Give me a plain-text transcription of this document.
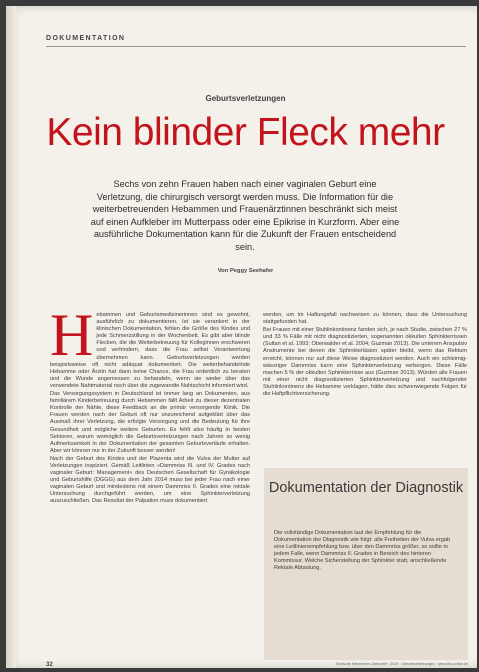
DOKUMENTATION
Geburtsverletzungen
Kein blinder Fleck mehr
Sechs von zehn Frauen haben nach einer vaginalen Geburt eine Verletzung, die chirurgisch versorgt werden muss. Die Information für die weiterbetreuenden Hebammen und Frauenärztinnen beschränkt sich meist auf einen Aufkleber im Mutterpass oder eine Epikrise in Kurzform. Aber eine ausführliche Dokumentation kann für die Zukunft der Frauen entscheidend sein.
Von Peggy Seehafer

Hebammen und Geburtsmedizinerinnen sind es gewohnt, ausführlich zu dokumentieren. Ist sie verankert in der klinischen Dokumentation, fehlen die Größe des Kindes und jede Schmerzstillung in der Wochenbett. Es gibt aber blinde Flecken, die die Weiterbetreuung für Kolleginnen erschweren und verhindern, dass die Frau selbst Verantwortung übernehmen kann. Geburtsverletzungen werden beispielsweise oft nicht adäquat dokumentiert. Die weiterbehandelnde Hebamme oder Ärztin hat dann keine Chance, die Frau ordentlich zu beraten und die Wunde angemessen zu behandeln, wenn sie weder über das verwendete Nahtmaterial noch über die zugewandte Nahtschicht informiert wird.

Das Versorgungssystem in Deutschland ist immer lang an Dokumenten, aus familiärem Kinderbetreuung durch Hebammen fällt Arbeit zu dieser dezentralen Kontrolle der Nähte, diese Feedback an die primär versorgende Klinik. Die Frauen werden nach der Geburt oft nur unzureichend aufgeklärt über das Ausmaß ihrer Verletzung, die erfolgte Versorgung und die Bedeutung für ihre Gesundheit und mögliche weitere Geburten. Es fehlt also häufig in beiden Sektoren, warum womöglich die Geburtsverletzungen nach Jahren so wenig Aufmerksamkeit in der Dokumentation der gesamten Geburtsverläufe erhalten. Aber wir können nur in der Zukunft besser werden!

Nach der Geburt des Kindes und der Plazenta wird die Vulva der Mutter auf Verletzungen inspiziert. Gemäß Leitlinien »Dammriss III. und IV. Grades nach vaginaler Geburt: Management« des Deutschen Gesellschaft für Gynäkologie und Geburtshilfe (DGGG) aus dem Jahr 2014 muss bei jeder Frau nach einer vaginalen Geburt und mindestens mit einem Dammriss II. Grades eine rektale Untersuchung durchgeführt werden, um eine Sphinkterverletzung auszuschließen. Das Resultat der Palpation muss dokumentiert

werden, um im Haftungsfall nachweisen zu können, dass die Untersuchung stattgefunden hat.

Bei Frauen mit einer Stuhlinkontinenz fanden sich, je nach Studie, zwischen 27 % und 33 % Fälle mit nicht diagnostizierten, sogenannten okkulten Sphinkterrissen (Sultan et al. 1993; Oberwalder et al. 2004; Guzman 2013). Die unterem Anspulsiv Anstrumente bei denen die Sphinkterläsion später bleibt, wenn das Rektum erreicht, können nur auf diese Weise diagnostiziert werden. Auch ein schleimig-wässriger Dammriss kann eine Sphinkterverletzung verbergen. Diese Fälle machen 5 % der okkulten Sphinkterrisse aus (Guzman 2013). Würden alle Frauen mit einer nicht diagnostizierten Sphinkterverletzung und nachfolgender Stuhlinkontinenz die Hebamme verklagen, hätte dies schwerwiegende Folgen für die Haftpflichtversicherung.

Dokumentation der Diagnostik
Die vollständige Dokumentation laut der Empfehlung für die Dokumentation der Diagnostik wie folgt: alle Freiheiten der Vulva ergab eine Leitlinienempfehlung bzw. über den Dammriss größer, so sollte in jedem Falle, wenn Dammriss II. Grades in Bereich des hinteren Kommissur. Welche Sicherstellung der Sphinkter statt, anschließende Rektale Abtastung.
32	Deutsche Hebammen Zeitschrift · 2019 · Geburtsverletzungen · www.dhz-online.de
